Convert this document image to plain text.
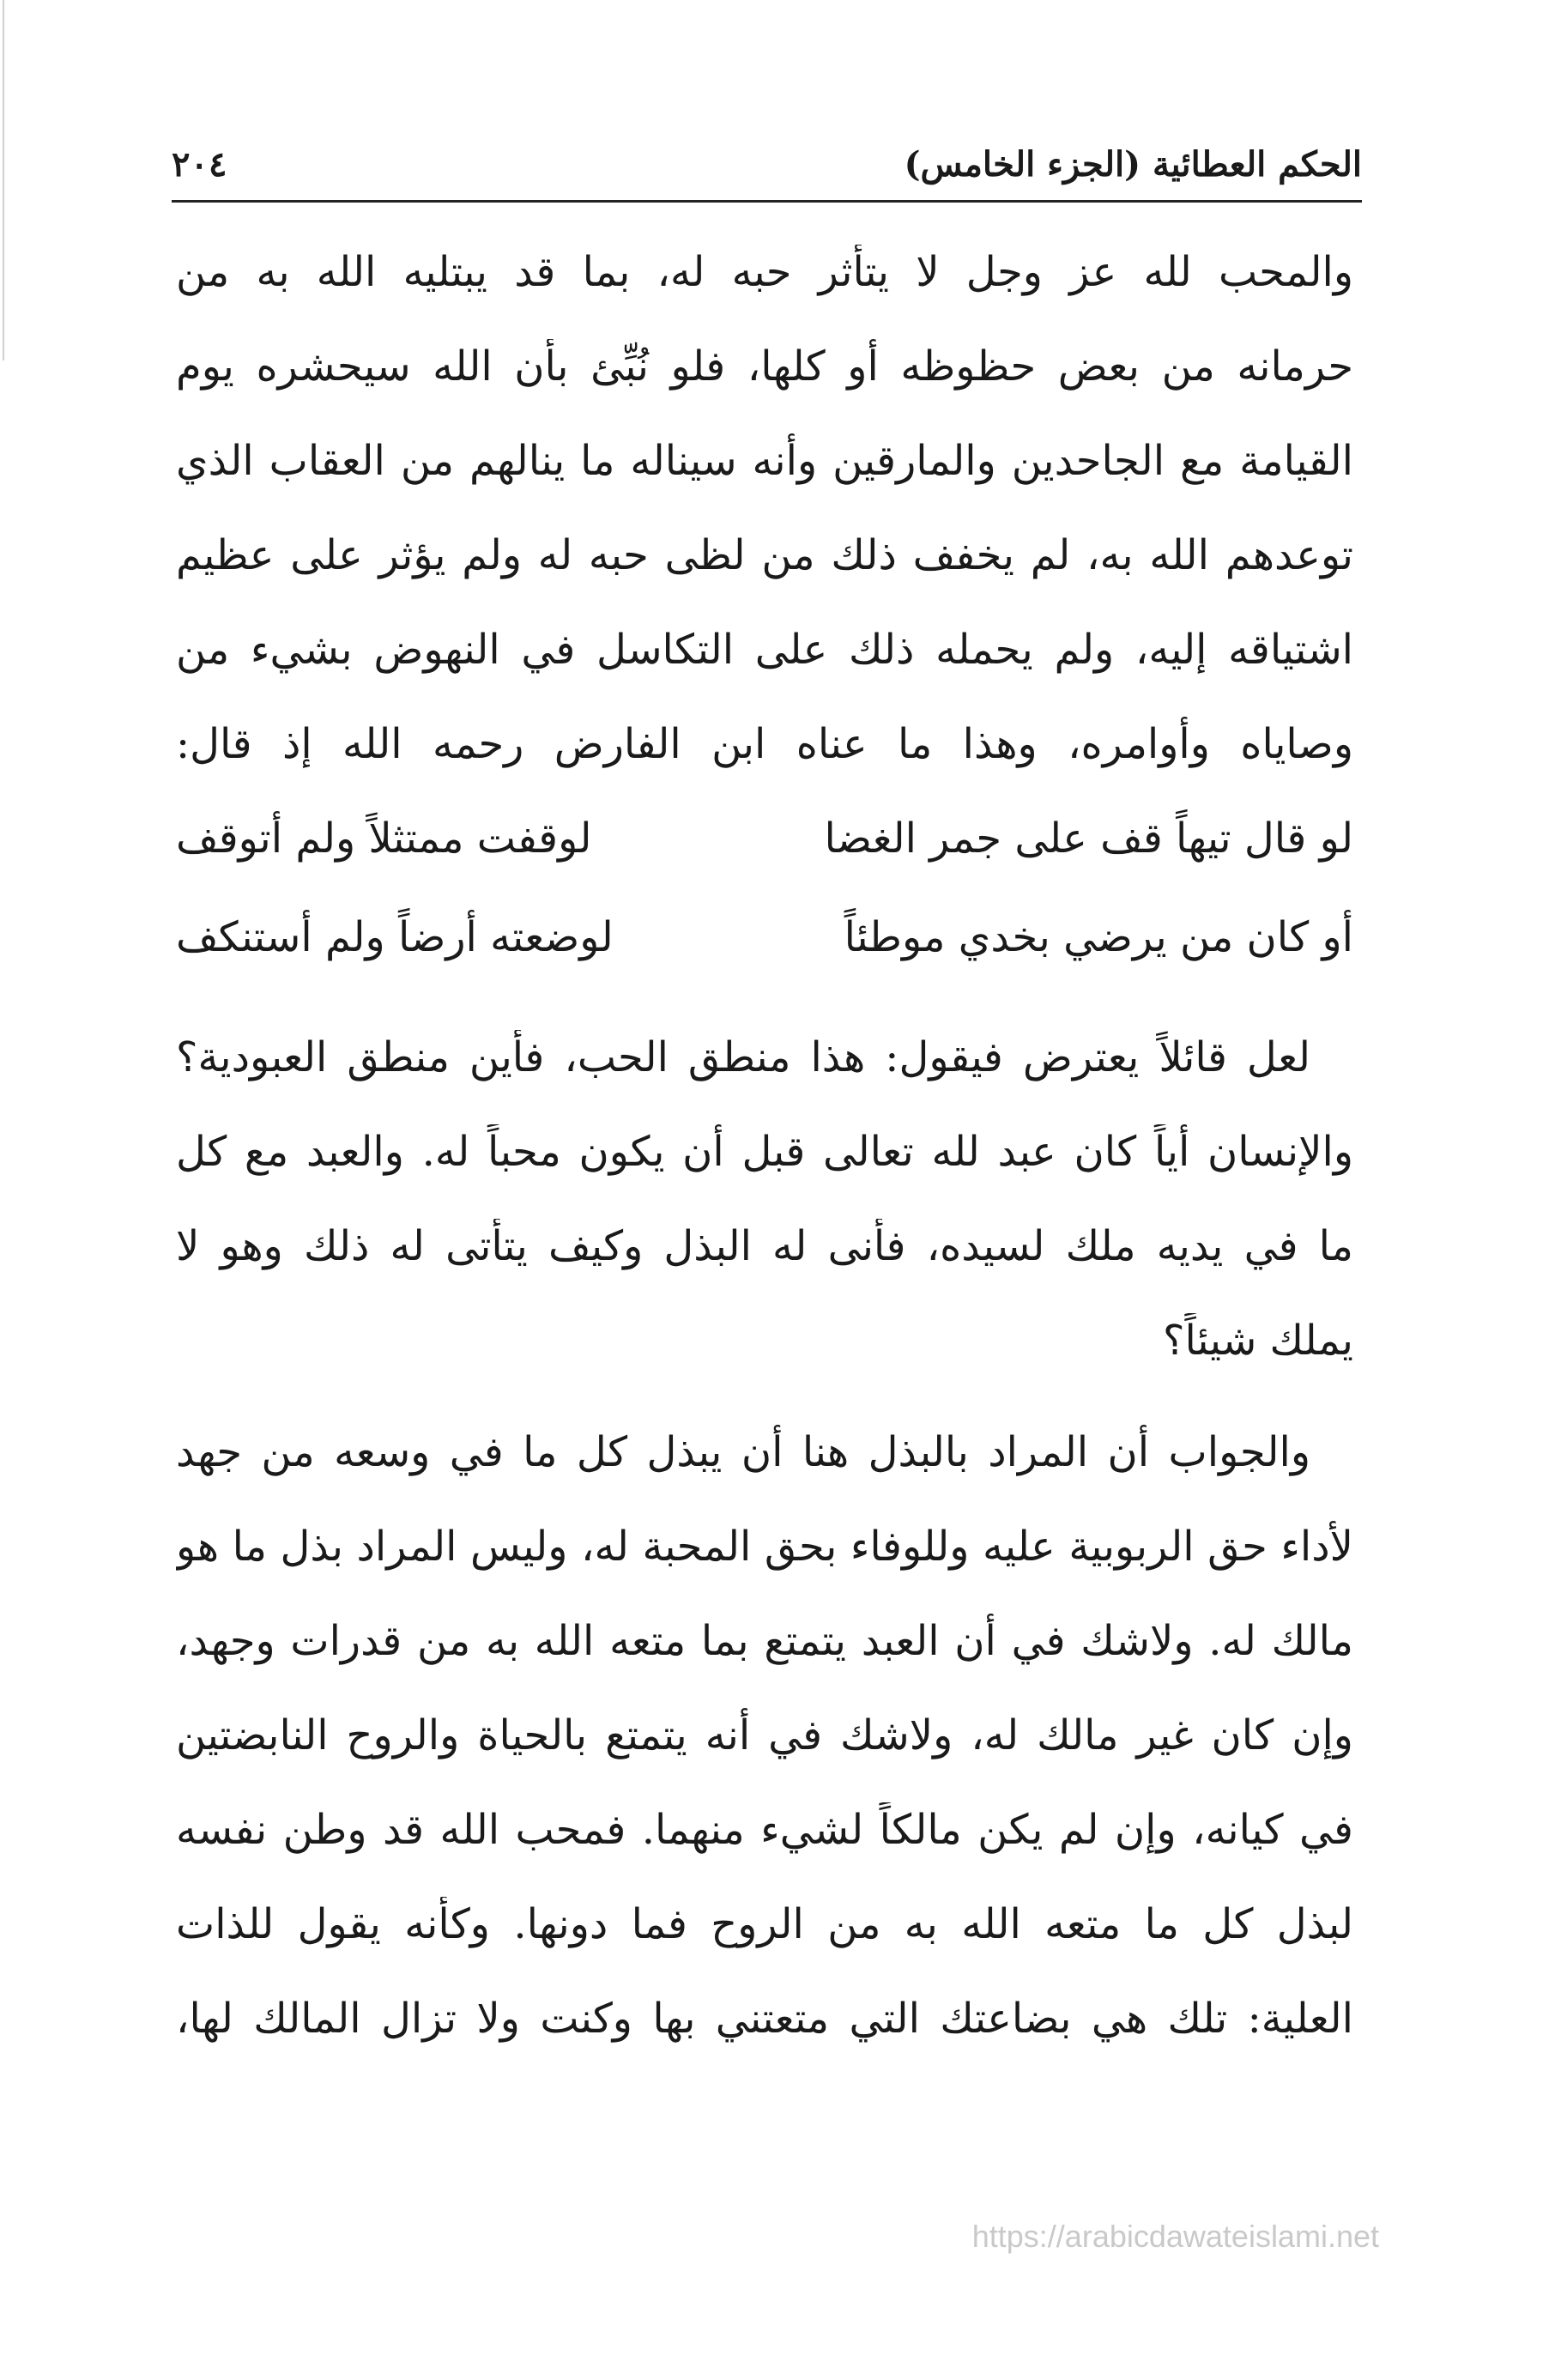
الحكم العطائية (الجزء الخامس)
٢٠٤
والمحب لله عز وجل لا يتأثر حبه له، بما قد يبتليه الله به من
حرمانه من بعض حظوظه أو كلها، فلو نُبِّئ بأن الله سيحشره يوم
القيامة مع الجاحدين والمارقين وأنه سيناله ما ينالهم من العقاب الذي
توعدهم الله به، لم يخفف ذلك من لظى حبه له ولم يؤثر على عظيم
اشتياقه إليه، ولم يحمله ذلك على التكاسل في النهوض بشيء من
وصاياه وأوامره، وهذا ما عناه ابن الفارض رحمه الله إذ قال:
لو قال تيهاً قف على جمر الغضا
لوقفت ممتثلاً ولم أتوقف
أو كان من يرضي بخدي موطئاً
لوضعته أرضاً ولم أستنكف
لعل قائلاً يعترض فيقول: هذا منطق الحب، فأين منطق العبودية؟
والإنسان أياً كان عبد لله تعالى قبل أن يكون محباً له. والعبد مع كل
ما في يديه ملك لسيده، فأنى له البذل وكيف يتأتى له ذلك وهو لا
يملك شيئاً؟
والجواب أن المراد بالبذل هنا أن يبذل كل ما في وسعه من جهد
لأداء حق الربوبية عليه وللوفاء بحق المحبة له، وليس المراد بذل ما هو
مالك له. ولاشك في أن العبد يتمتع بما متعه الله به من قدرات وجهد،
وإن كان غير مالك له، ولاشك في أنه يتمتع بالحياة والروح النابضتين
في كيانه، وإن لم يكن مالكاً لشيء منهما. فمحب الله قد وطن نفسه
لبذل كل ما متعه الله به من الروح فما دونها. وكأنه يقول للذات
العلية: تلك هي بضاعتك التي متعتني بها وكنت ولا تزال المالك لها،
https://arabicdawateislami.net
